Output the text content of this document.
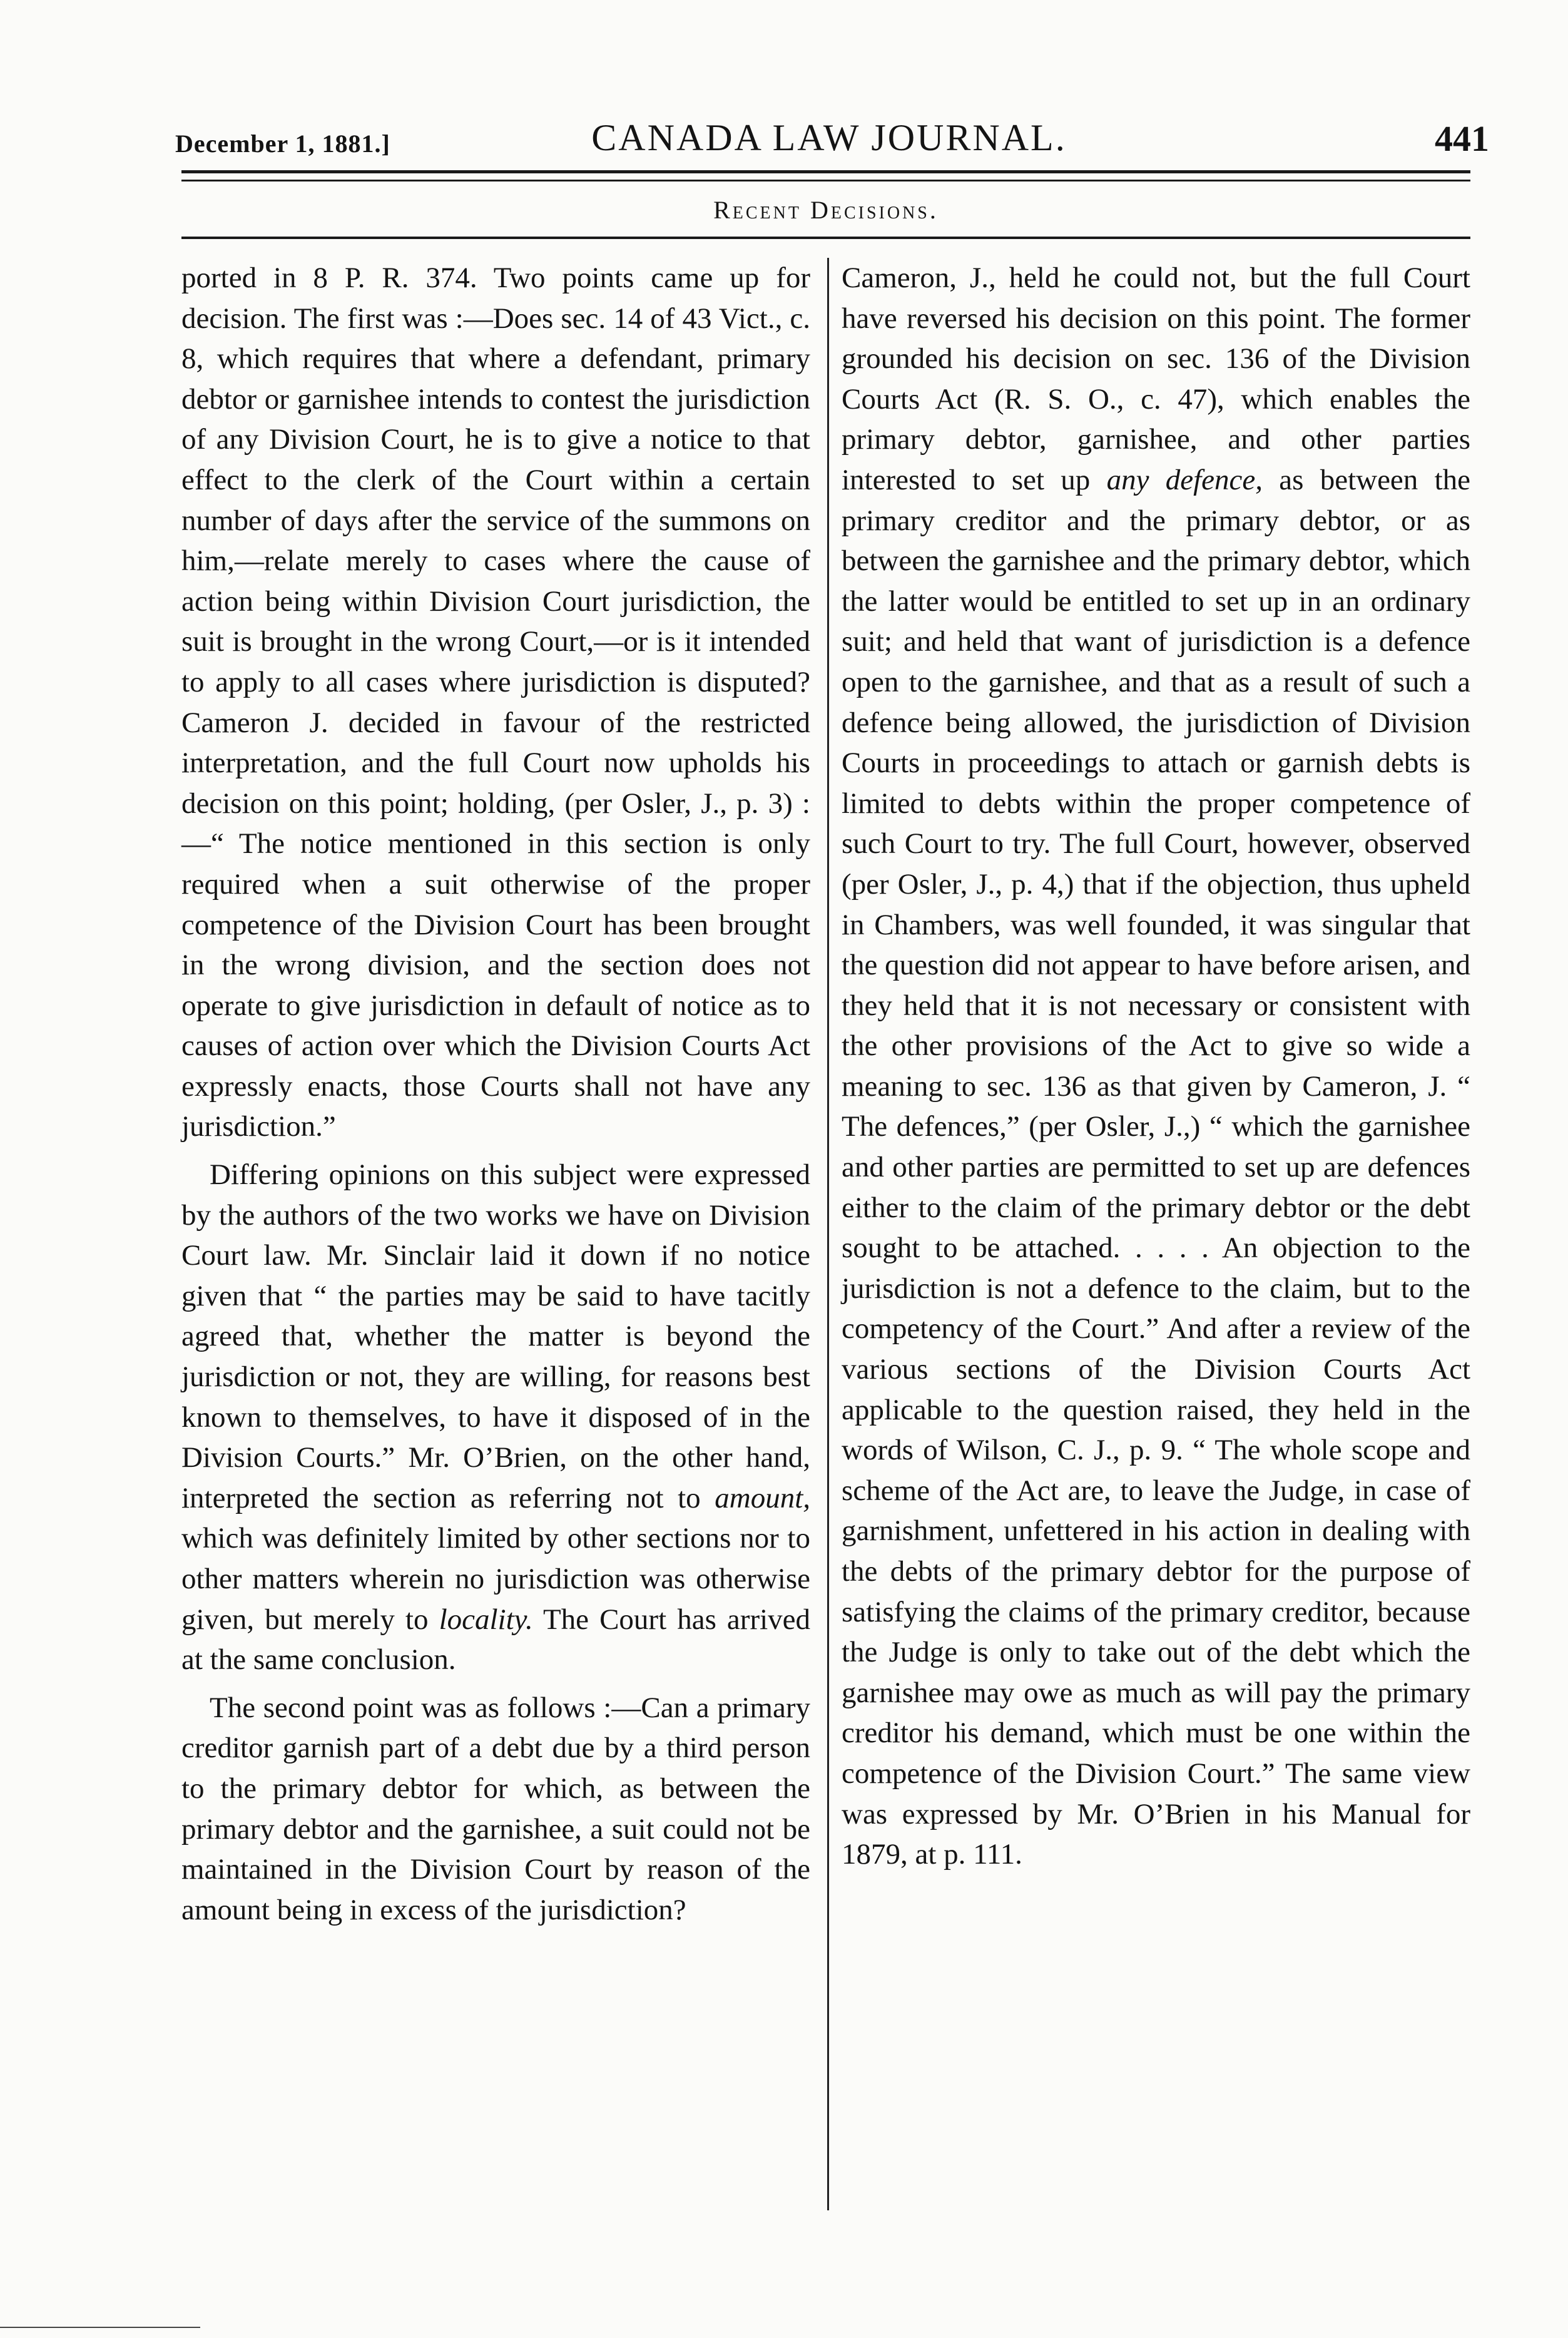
December 1, 1881.]	CANADA LAW JOURNAL.	441
Recent Decisions.

ported in 8 P. R. 374. Two points came up for decision. The first was :—Does sec. 14 of 43 Vict., c. 8, which requires that where a defendant, primary debtor or garnishee intends to contest the jurisdiction of any Division Court, he is to give a notice to that effect to the clerk of the Court within a certain number of days after the service of the summons on him,—relate merely to cases where the cause of action being within Division Court jurisdiction, the suit is brought in the wrong Court,—or is it intended to apply to all cases where jurisdiction is disputed? Cameron J. decided in favour of the restricted interpretation, and the full Court now upholds his decision on this point; holding, (per Osler, J., p. 3) :—“ The notice mentioned in this section is only required when a suit otherwise of the proper competence of the Division Court has been brought in the wrong division, and the section does not operate to give jurisdiction in default of notice as to causes of action over which the Division Courts Act expressly enacts, those Courts shall not have any jurisdiction.”

Differing opinions on this subject were expressed by the authors of the two works we have on Division Court law. Mr. Sinclair laid it down if no notice given that “ the parties may be said to have tacitly agreed that, whether the matter is beyond the jurisdiction or not, they are willing, for reasons best known to themselves, to have it disposed of in the Division Courts.” Mr. O’Brien, on the other hand, interpreted the section as referring not to amount, which was definitely limited by other sections nor to other matters wherein no jurisdiction was otherwise given, but merely to locality. The Court has arrived at the same conclusion.

The second point was as follows :—Can a primary creditor garnish part of a debt due by a third person to the primary debtor for which, as between the primary debtor and the garnishee, a suit could not be maintained in the Division Court by reason of the amount being in excess of the jurisdiction?

Cameron, J., held he could not, but the full Court have reversed his decision on this point. The former grounded his decision on sec. 136 of the Division Courts Act (R. S. O., c. 47), which enables the primary debtor, garnishee, and other parties interested to set up any defence, as between the primary creditor and the primary debtor, or as between the garnishee and the primary debtor, which the latter would be entitled to set up in an ordinary suit; and held that want of jurisdiction is a defence open to the garnishee, and that as a result of such a defence being allowed, the jurisdiction of Division Courts in proceedings to attach or garnish debts is limited to debts within the proper competence of such Court to try. The full Court, however, observed (per Osler, J., p. 4,) that if the objection, thus upheld in Chambers, was well founded, it was singular that the question did not appear to have before arisen, and they held that it is not necessary or consistent with the other provisions of the Act to give so wide a meaning to sec. 136 as that given by Cameron, J. “ The defences,” (per Osler, J.,) “ which the garnishee and other parties are permitted to set up are defences either to the claim of the primary debtor or the debt sought to be attached. . . . . An objection to the jurisdiction is not a defence to the claim, but to the competency of the Court.” And after a review of the various sections of the Division Courts Act applicable to the question raised, they held in the words of Wilson, C. J., p. 9. “ The whole scope and scheme of the Act are, to leave the Judge, in case of garnishment, unfettered in his action in dealing with the debts of the primary debtor for the purpose of satisfying the claims of the primary creditor, because the Judge is only to take out of the debt which the garnishee may owe as much as will pay the primary creditor his demand, which must be one within the competence of the Division Court.” The same view was expressed by Mr. O’Brien in his Manual for 1879, at p. 111.
